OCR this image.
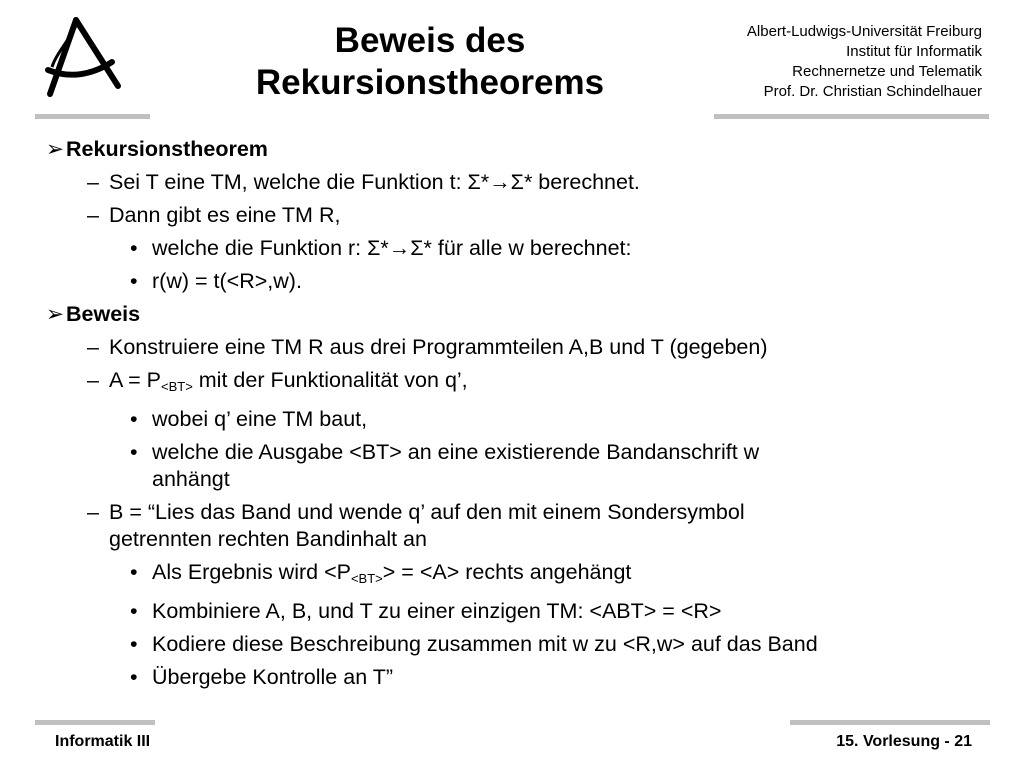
Beweis des
Rekursionstheorems
Albert-Ludwigs-Universität Freiburg
Institut für Informatik
Rechnernetze und Telematik
Prof. Dr. Christian Schindelhauer
➢ Rekursionstheorem
– Sei T eine TM, welche die Funktion t: Σ*→Σ* berechnet.
– Dann gibt es eine TM R,
• welche die Funktion r: Σ*→Σ* für alle w berechnet:
• r(w) = t(<R>,w).
➢ Beweis
– Konstruiere eine TM R aus drei Programmteilen A,B und T (gegeben)
– $A = P_{<BT>}$ mit der Funktionalität von q’,
• wobei q’ eine TM baut,
• welche die Ausgabe <BT> an eine existierende Bandanschrift w
anhängt
– B = “Lies das Band und wende q’ auf den mit einem Sondersymbol
getrennten rechten Bandinhalt an
• Als Ergebnis wird $<P_{<BT>}> = <A>$ rechts angehängt
• Kombiniere A, B, und T zu einer einzigen TM: <ABT> = <R>
• Kodiere diese Beschreibung zusammen mit w zu <R,w> auf das Band
• Übergebe Kontrolle an T”
Informatik III	15. Vorlesung - 21
